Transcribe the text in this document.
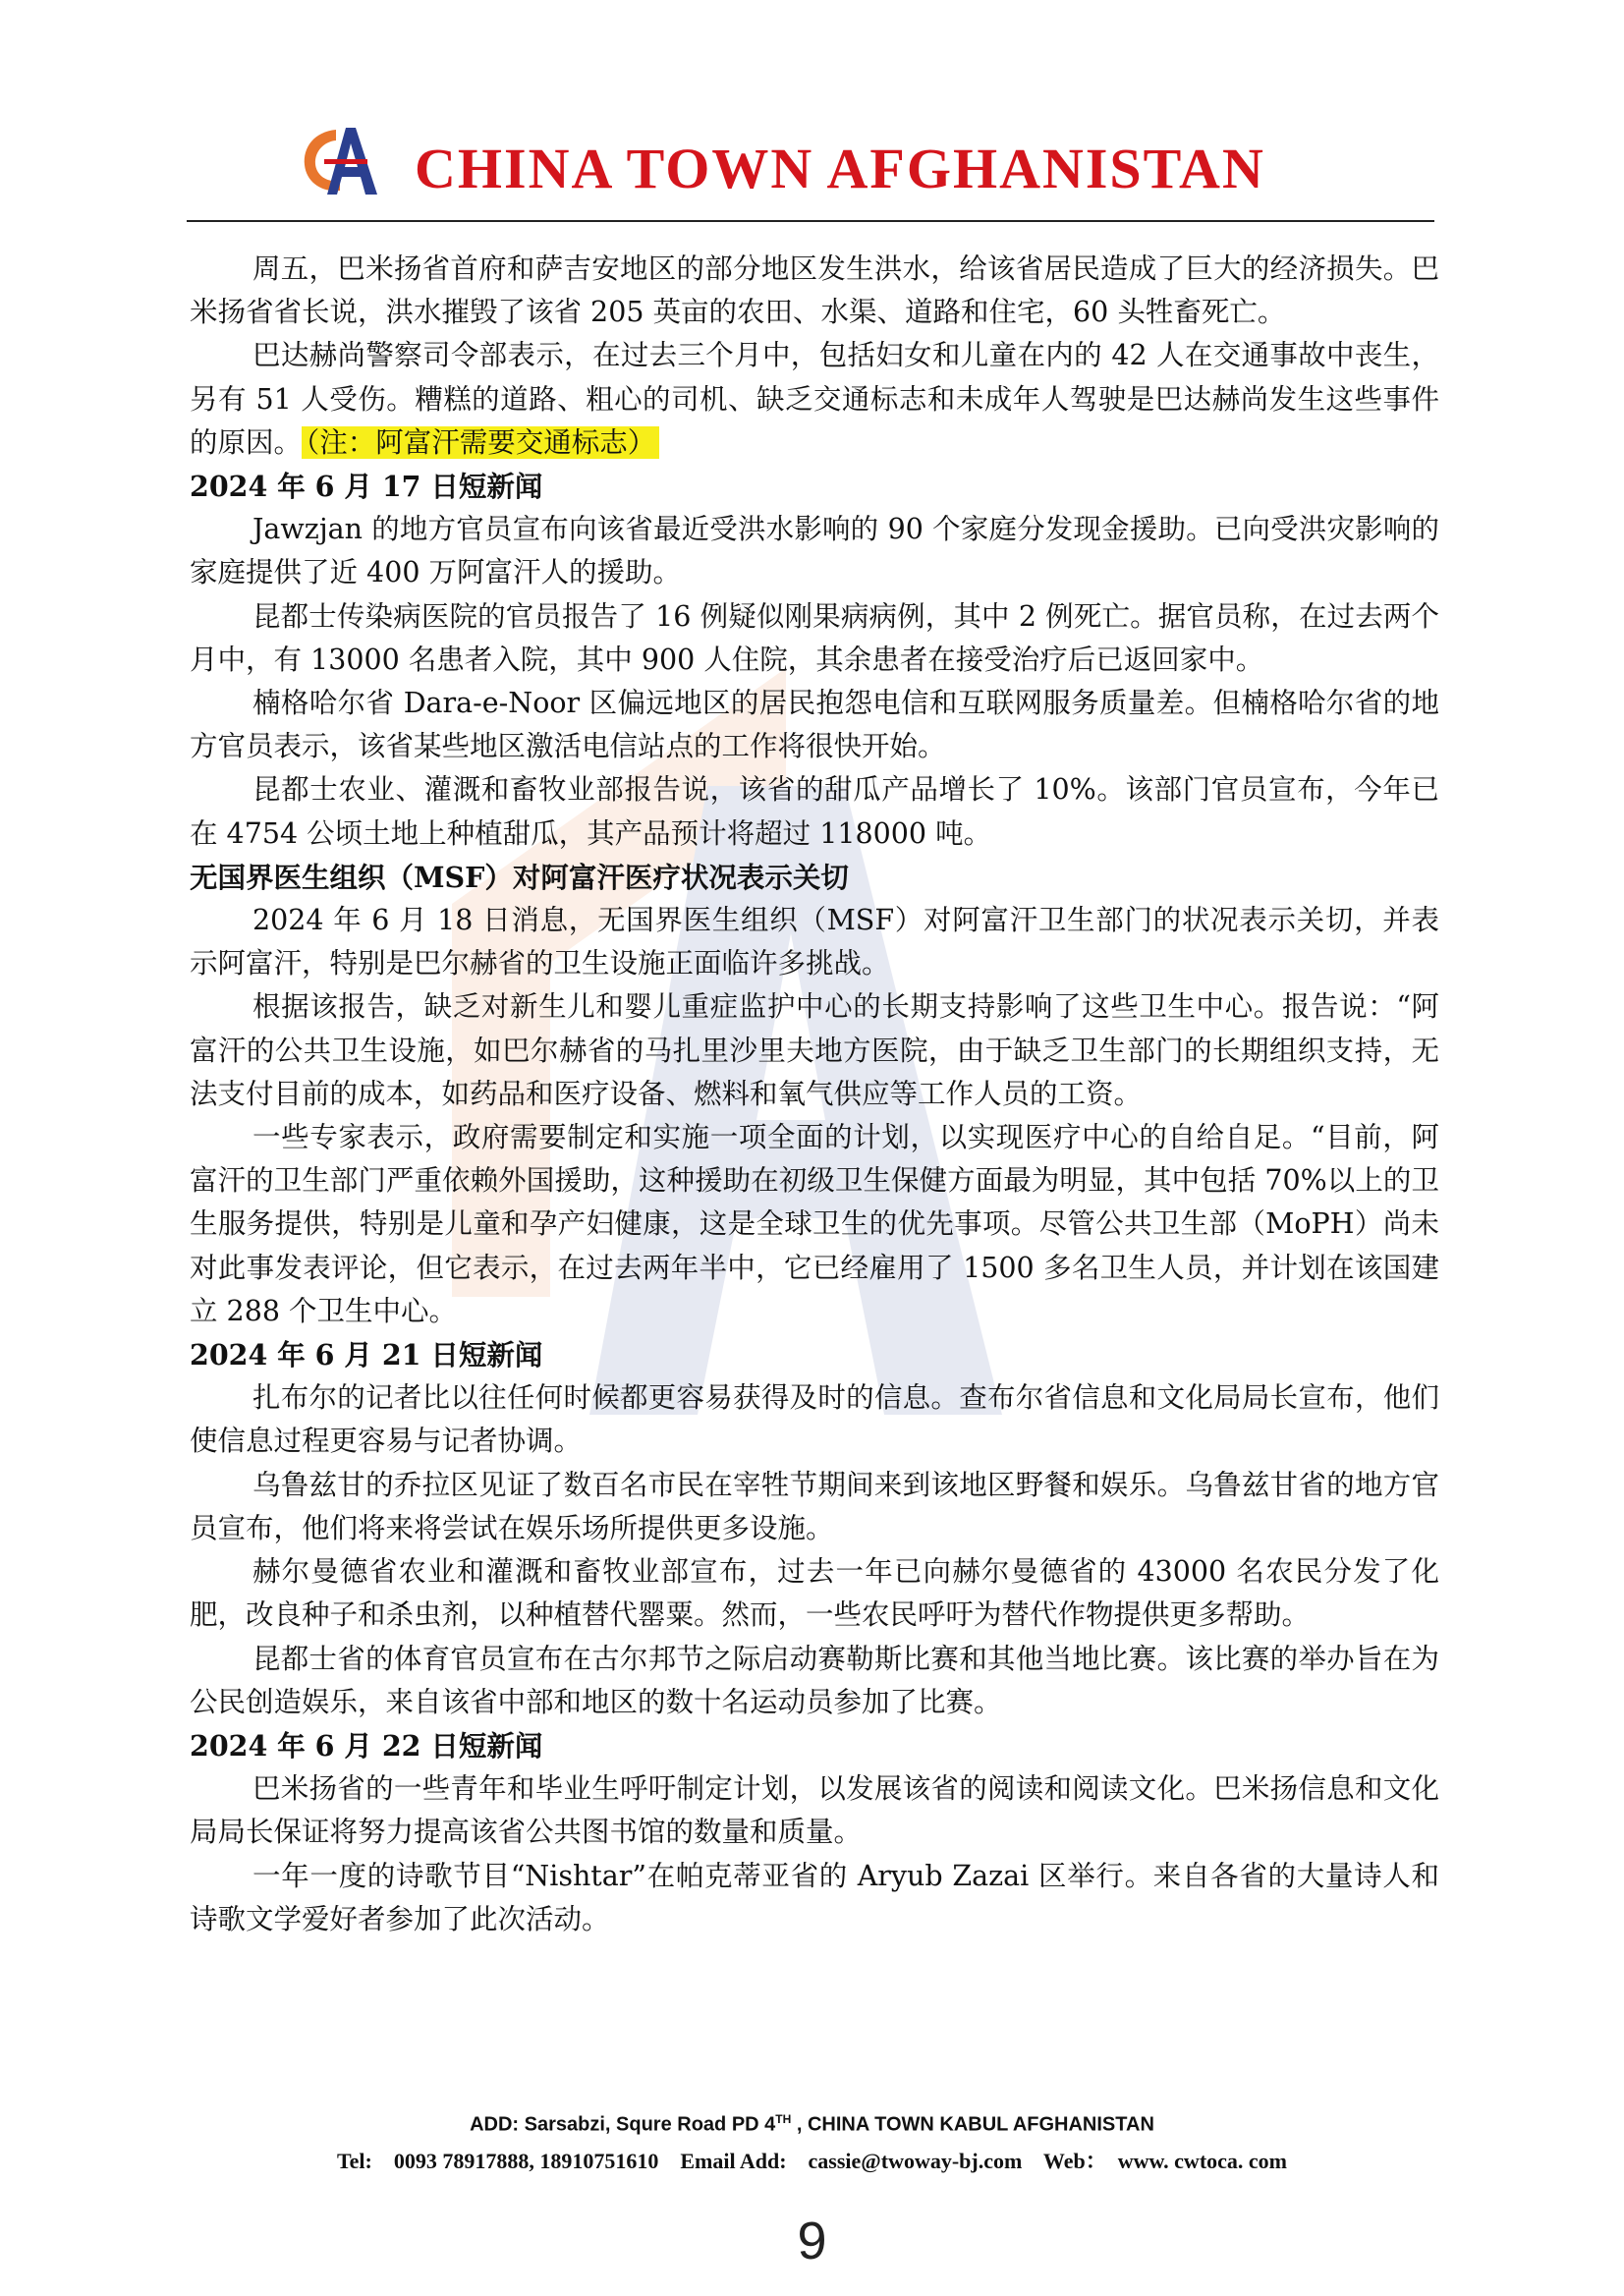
CHINA TOWN AFGHANISTAN

周五，巴米扬省首府和萨吉安地区的部分地区发生洪水，给该省居民造成了巨大的经济损失。巴米扬省省长说，洪水摧毁了该省 205 英亩的农田、水渠、道路和住宅，60 头牲畜死亡。

巴达赫尚警察司令部表示，在过去三个月中，包括妇女和儿童在内的 42 人在交通事故中丧生，另有 51 人受伤。糟糕的道路、粗心的司机、缺乏交通标志和未成年人驾驶是巴达赫尚发生这些事件的原因。 （注：阿富汗需要交通标志）

2024 年 6 月 17 日短新闻

Jawzjan 的地方官员宣布向该省最近受洪水影响的 90 个家庭分发现金援助。已向受洪灾影响的家庭提供了近 400 万阿富汗人的援助。

昆都士传染病医院的官员报告了 16 例疑似刚果病病例，其中 2 例死亡。据官员称，在过去两个月中，有 13000 名患者入院，其中 900 人住院，其余患者在接受治疗后已返回家中。

楠格哈尔省 Dara-e-Noor 区偏远地区的居民抱怨电信和互联网服务质量差。但楠格哈尔省的地方官员表示，该省某些地区激活电信站点的工作将很快开始。

昆都士农业、灌溉和畜牧业部报告说，该省的甜瓜产品增长了 10%。该部门官员宣布，今年已在 4754 公顷土地上种植甜瓜，其产品预计将超过 118000 吨。

无国界医生组织（MSF）对阿富汗医疗状况表示关切

2024 年 6 月 18 日消息，无国界医生组织（MSF）对阿富汗卫生部门的状况表示关切，并表示阿富汗，特别是巴尔赫省的卫生设施正面临许多挑战。

根据该报告，缺乏对新生儿和婴儿重症监护中心的长期支持影响了这些卫生中心。报告说：“阿富汗的公共卫生设施，如巴尔赫省的马扎里沙里夫地方医院，由于缺乏卫生部门的长期组织支持，无法支付目前的成本，如药品和医疗设备、燃料和氧气供应等工作人员的工资。

一些专家表示，政府需要制定和实施一项全面的计划，以实现医疗中心的自给自足。“目前，阿富汗的卫生部门严重依赖外国援助，这种援助在初级卫生保健方面最为明显，其中包括 70%以上的卫生服务提供，特别是儿童和孕产妇健康，这是全球卫生的优先事项。尽管公共卫生部（MoPH）尚未对此事发表评论，但它表示，在过去两年半中，它已经雇用了 1500 多名卫生人员，并计划在该国建立 288 个卫生中心。

2024 年 6 月 21 日短新闻

扎布尔的记者比以往任何时候都更容易获得及时的信息。查布尔省信息和文化局局长宣布，他们使信息过程更容易与记者协调。

乌鲁兹甘的乔拉区见证了数百名市民在宰牲节期间来到该地区野餐和娱乐。乌鲁兹甘省的地方官员宣布，他们将来将尝试在娱乐场所提供更多设施。

赫尔曼德省农业和灌溉和畜牧业部宣布，过去一年已向赫尔曼德省的 43000 名农民分发了化肥，改良种子和杀虫剂，以种植替代罂粟。然而，一些农民呼吁为替代作物提供更多帮助。

昆都士省的体育官员宣布在古尔邦节之际启动赛勒斯比赛和其他当地比赛。该比赛的举办旨在为公民创造娱乐，来自该省中部和地区的数十名运动员参加了比赛。

2024 年 6 月 22 日短新闻

巴米扬省的一些青年和毕业生呼吁制定计划，以发展该省的阅读和阅读文化。巴米扬信息和文化局局长保证将努力提高该省公共图书馆的数量和质量。

一年一度的诗歌节目“Nishtar”在帕克蒂亚省的 Aryub Zazai 区举行。来自各省的大量诗人和诗歌文学爱好者参加了此次活动。

ADD: Sarsabzi, Squre Road PD 4TH , CHINA TOWN KABUL AFGHANISTAN
Tel:    0093 78917888, 18910751610    Email Add:    cassie@twoway-bj.com    Web：  www. cwtoca. com
9
